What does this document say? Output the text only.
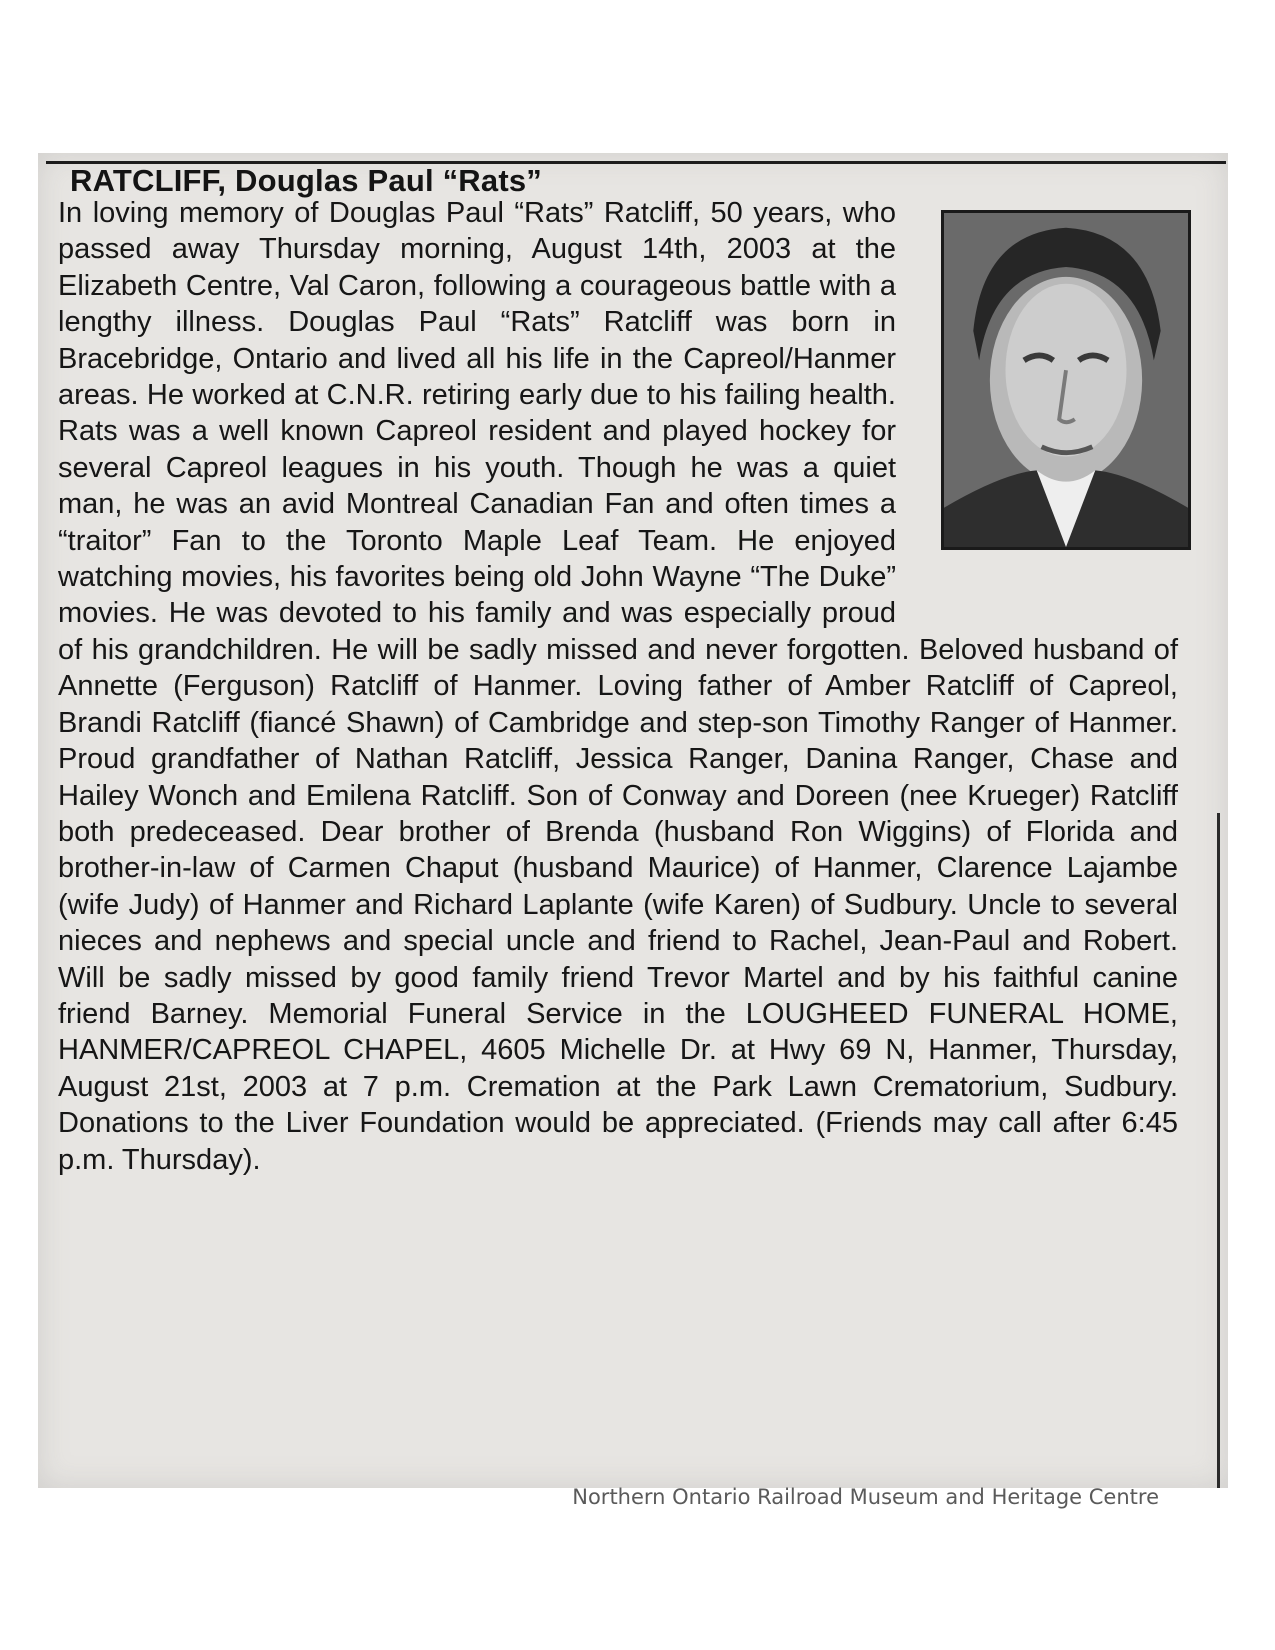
RATCLIFF, Douglas Paul “Rats”

In loving memory of Douglas Paul “Rats” Ratcliff, 50 years, who passed away Thursday morning, August 14th, 2003 at the Elizabeth Centre, Val Caron, following a courageous battle with a lengthy illness. Douglas Paul “Rats” Ratcliff was born in Bracebridge, Ontario and lived all his life in the Capreol/Hanmer areas. He worked at C.N.R. retiring early due to his failing health. Rats was a well known Capreol resident and played hockey for several Capreol leagues in his youth. Though he was a quiet man, he was an avid Montreal Canadian Fan and often times a “traitor” Fan to the Toronto Maple Leaf Team. He enjoyed watching movies, his favorites being old John Wayne “The Duke” movies. He was devoted to his family and was especially proud of his grandchildren. He will be sadly missed and never forgotten. Beloved husband of Annette (Ferguson) Ratcliff of Hanmer. Loving father of Amber Ratcliff of Capreol, Brandi Ratcliff (fiancé Shawn) of Cambridge and step-son Timothy Ranger of Hanmer. Proud grandfather of Nathan Ratcliff, Jessica Ranger, Danina Ranger, Chase and Hailey Wonch and Emilena Ratcliff. Son of Conway and Doreen (nee Krueger) Ratcliff both predeceased. Dear brother of Brenda (husband Ron Wiggins) of Florida and brother-in-law of Carmen Chaput (husband Maurice) of Hanmer, Clarence Lajambe (wife Judy) of Hanmer and Richard Laplante (wife Karen) of Sudbury. Uncle to several nieces and nephews and special uncle and friend to Rachel, Jean-Paul and Robert. Will be sadly missed by good family friend Trevor Martel and by his faithful canine friend Barney. Memorial Funeral Service in the LOUGHEED FUNERAL HOME, HANMER/CAPREOL CHAPEL, 4605 Michelle Dr. at Hwy 69 N, Hanmer, Thursday, August 21st, 2003 at 7 p.m. Cremation at the Park Lawn Crematorium, Sudbury. Donations to the Liver Foundation would be appreciated. (Friends may call after 6:45 p.m. Thursday).

Northern Ontario Railroad Museum and Heritage Centre
